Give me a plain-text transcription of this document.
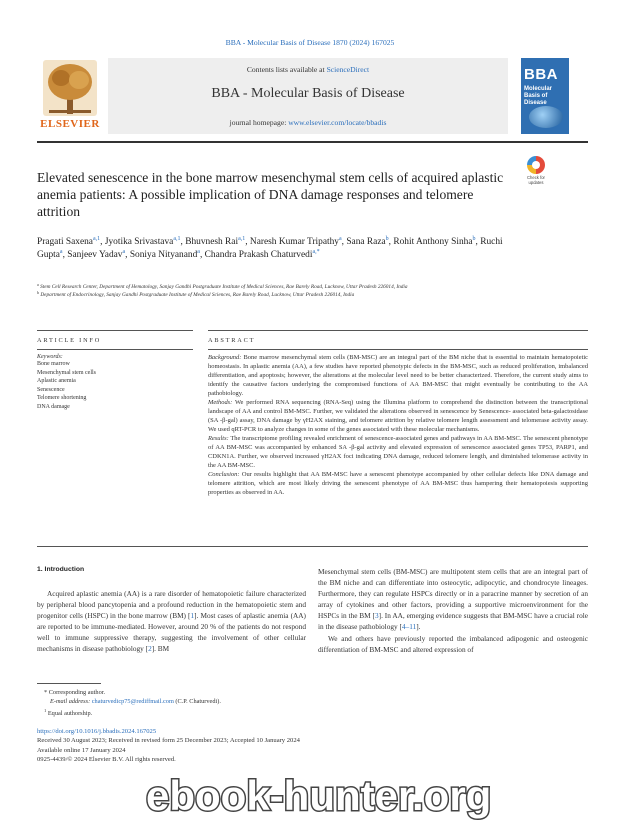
BBA - Molecular Basis of Disease 1870 (2024) 167025
ELSEVIER
Contents lists available at ScienceDirect
BBA - Molecular Basis of Disease
journal homepage: www.elsevier.com/locate/bbadis
BBA
Molecular Basis of Disease
Check for updates
Elevated senescence in the bone marrow mesenchymal stem cells of acquired aplastic anemia patients: A possible implication of DNA damage responses and telomere attrition
Pragati Saxena$^{a,1}$, Jyotika Srivastava$^{a,1}$, Bhuvnesh Rai$^{a,1}$, Naresh Kumar Tripathy$^a$, Sana Raza$^b$, Rohit Anthony Sinha$^b$, Ruchi Gupta$^a$, Sanjeev Yadav$^a$, Soniya Nityanand$^a$, Chandra Prakash Chaturvedi$^{a,*}$
$^a$ Stem Cell Research Center, Department of Hematology, Sanjay Gandhi Postgraduate Institute of Medical Sciences, Rae Barely Road, Lucknow, Uttar Pradesh 226014, India
$^b$ Department of Endocrinology, Sanjay Gandhi Postgraduate Institute of Medical Sciences, Rae Barely Road, Lucknow, Uttar Pradesh 226014, India
ARTICLE INFO	ABSTRACT
Keywords:
Bone marrow
Mesenchymal stem cells
Aplastic anemia
Senescence
Telomere shortening
DNA damage
Background: Bone marrow mesenchymal stem cells (BM-MSC) are an integral part of the BM niche that is essential to maintain hematopoietic homeostasis. In aplastic anemia (AA), a few studies have reported phenotypic defects in the BM-MSC, such as reduced proliferation, imbalanced differentiation, and apoptosis; however, the alterations at the molecular level need to be better characterized. Therefore, the current study aims to identify the causative factors underlying the compromised functions of AA BM-MSC that might eventually be contributing to the AA pathobiology.
Methods: We performed RNA sequencing (RNA-Seq) using the Illumina platform to comprehend the distinction between the transcriptional landscape of AA and control BM-MSC. Further, we validated the alterations observed in senescence by Senescence- associated beta-galactosidase (SA -β-gal) assay, DNA damage by γH2AX staining, and telomere attrition by relative telomere length assessment and telomerase activity assay. We used qRT-PCR to analyze changes in some of the genes associated with these molecular mechanisms.
Results: The transcriptome profiling revealed enrichment of senescence-associated genes and pathways in AA BM-MSC. The senescent phenotype of AA BM-MSC was accompanied by enhanced SA -β-gal activity and elevated expression of senescence associated genes TP53, PARP1, and CDKN1A. Further, we observed increased γH2AX foci indicating DNA damage, reduced telomere length, and diminished telomerase activity in the AA BM-MSC.
Conclusion: Our results highlight that AA BM-MSC have a senescent phenotype accompanied by other cellular defects like DNA damage and telomere attrition, which are most likely driving the senescent phenotype of AA BM-MSC thus hampering their hematopoiesis supporting properties as observed in AA.
1. Introduction
Acquired aplastic anemia (AA) is a rare disorder of hematopoietic failure characterized by peripheral blood pancytopenia and a profound reduction in the hematopoietic stem and progenitor cells (HSPC) in the bone marrow (BM) [1]. Most cases of aplastic anemia (AA) are reported to be immune-mediated. However, around 20 % of the patients do not respond well to immune suppressive therapy, suggesting the involvement of other cellular mechanisms in disease pathobiology [2]. BM

Mesenchymal stem cells (BM-MSC) are multipotent stem cells that are an integral part of the BM niche and can differentiate into osteocytic, adipocytic, and chondrocyte lineages. Furthermore, they can regulate HSPCs directly or in a paracrine manner by secretion of an array of cytokines and other factors, providing a supportive microenvironment for the HSPCs in the BM [3]. In AA, emerging evidence suggests that BM-MSC have a crucial role in the disease pathobiology [4–11].

We and others have previously reported the imbalanced adipogenic and osteogenic differentiation of BM-MSC and altered expression of

* Corresponding author.
E-mail address: chaturvedicp75@rediffmail.com (C.P. Chaturvedi).
$^1$ Equal authorship.
https://doi.org/10.1016/j.bbadis.2024.167025
Received 30 August 2023; Received in revised form 25 December 2023; Accepted 10 January 2024
Available online 17 January 2024
0925-4439/© 2024 Elsevier B.V. All rights reserved.
ebook-hunter.org
